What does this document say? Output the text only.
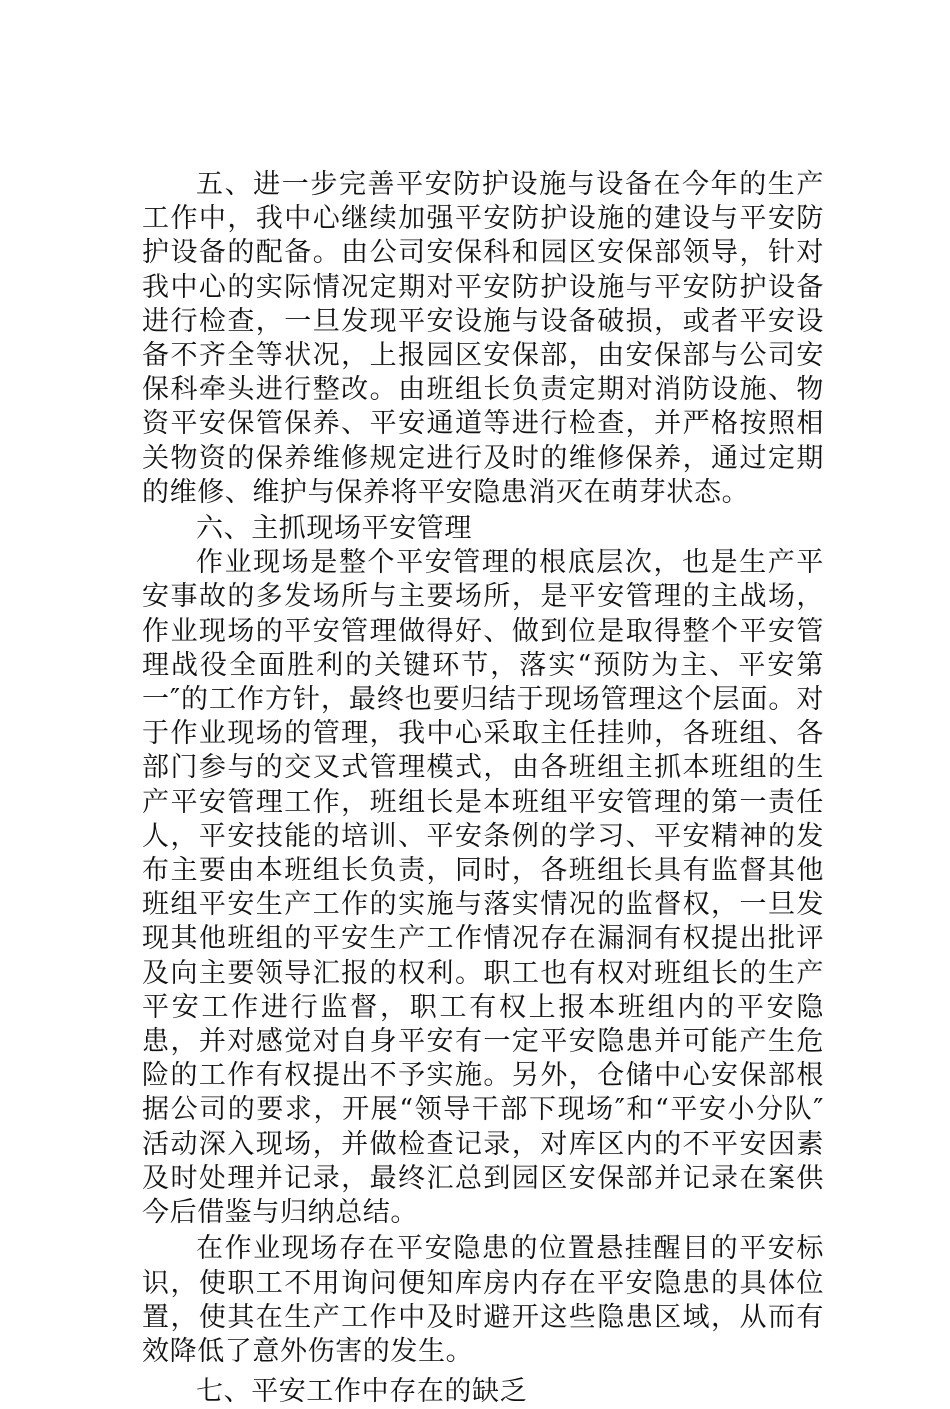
五、进一步完善平安防护设施与设备在今年的生产工作中，我中心继续加强平安防护设施的建设与平安防护设备的配备。由公司安保科和园区安保部领导，针对我中心的实际情况定期对平安防护设施与平安防护设备进行检查，一旦发现平安设施与设备破损，或者平安设备不齐全等状况，上报园区安保部，由安保部与公司安保科牵头进行整改。由班组长负责定期对消防设施、物资平安保管保养、平安通道等进行检查，并严格按照相关物资的保养维修规定进行及时的维修保养，通过定期的维修、维护与保养将平安隐患消灭在萌芽状态。

六、主抓现场平安管理

作业现场是整个平安管理的根底层次，也是生产平安事故的多发场所与主要场所，是平安管理的主战场，作业现场的平安管理做得好、做到位是取得整个平安管理战役全面胜利的关键环节，落实“预防为主、平安第一″的工作方针，最终也要归结于现场管理这个层面。对于作业现场的管理，我中心采取主任挂帅，各班组、各部门参与的交叉式管理模式，由各班组主抓本班组的生产平安管理工作，班组长是本班组平安管理的第一责任人，平安技能的培训、平安条例的学习、平安精神的发布主要由本班组长负责，同时，各班组长具有监督其他班组平安生产工作的实施与落实情况的监督权，一旦发现其他班组的平安生产工作情况存在漏洞有权提出批评及向主要领导汇报的权利。职工也有权对班组长的生产平安工作进行监督，职工有权上报本班组内的平安隐患，并对感觉对自身平安有一定平安隐患并可能产生危险的工作有权提出不予实施。另外，仓储中心安保部根据公司的要求，开展“领导干部下现场″和“平安小分队″活动深入现场，并做检查记录，对库区内的不平安因素及时处理并记录，最终汇总到园区安保部并记录在案供今后借鉴与归纳总结。

在作业现场存在平安隐患的位置悬挂醒目的平安标识，使职工不用询问便知库房内存在平安隐患的具体位置，使其在生产工作中及时避开这些隐患区域，从而有效降低了意外伤害的发生。

七、平安工作中存在的缺乏
